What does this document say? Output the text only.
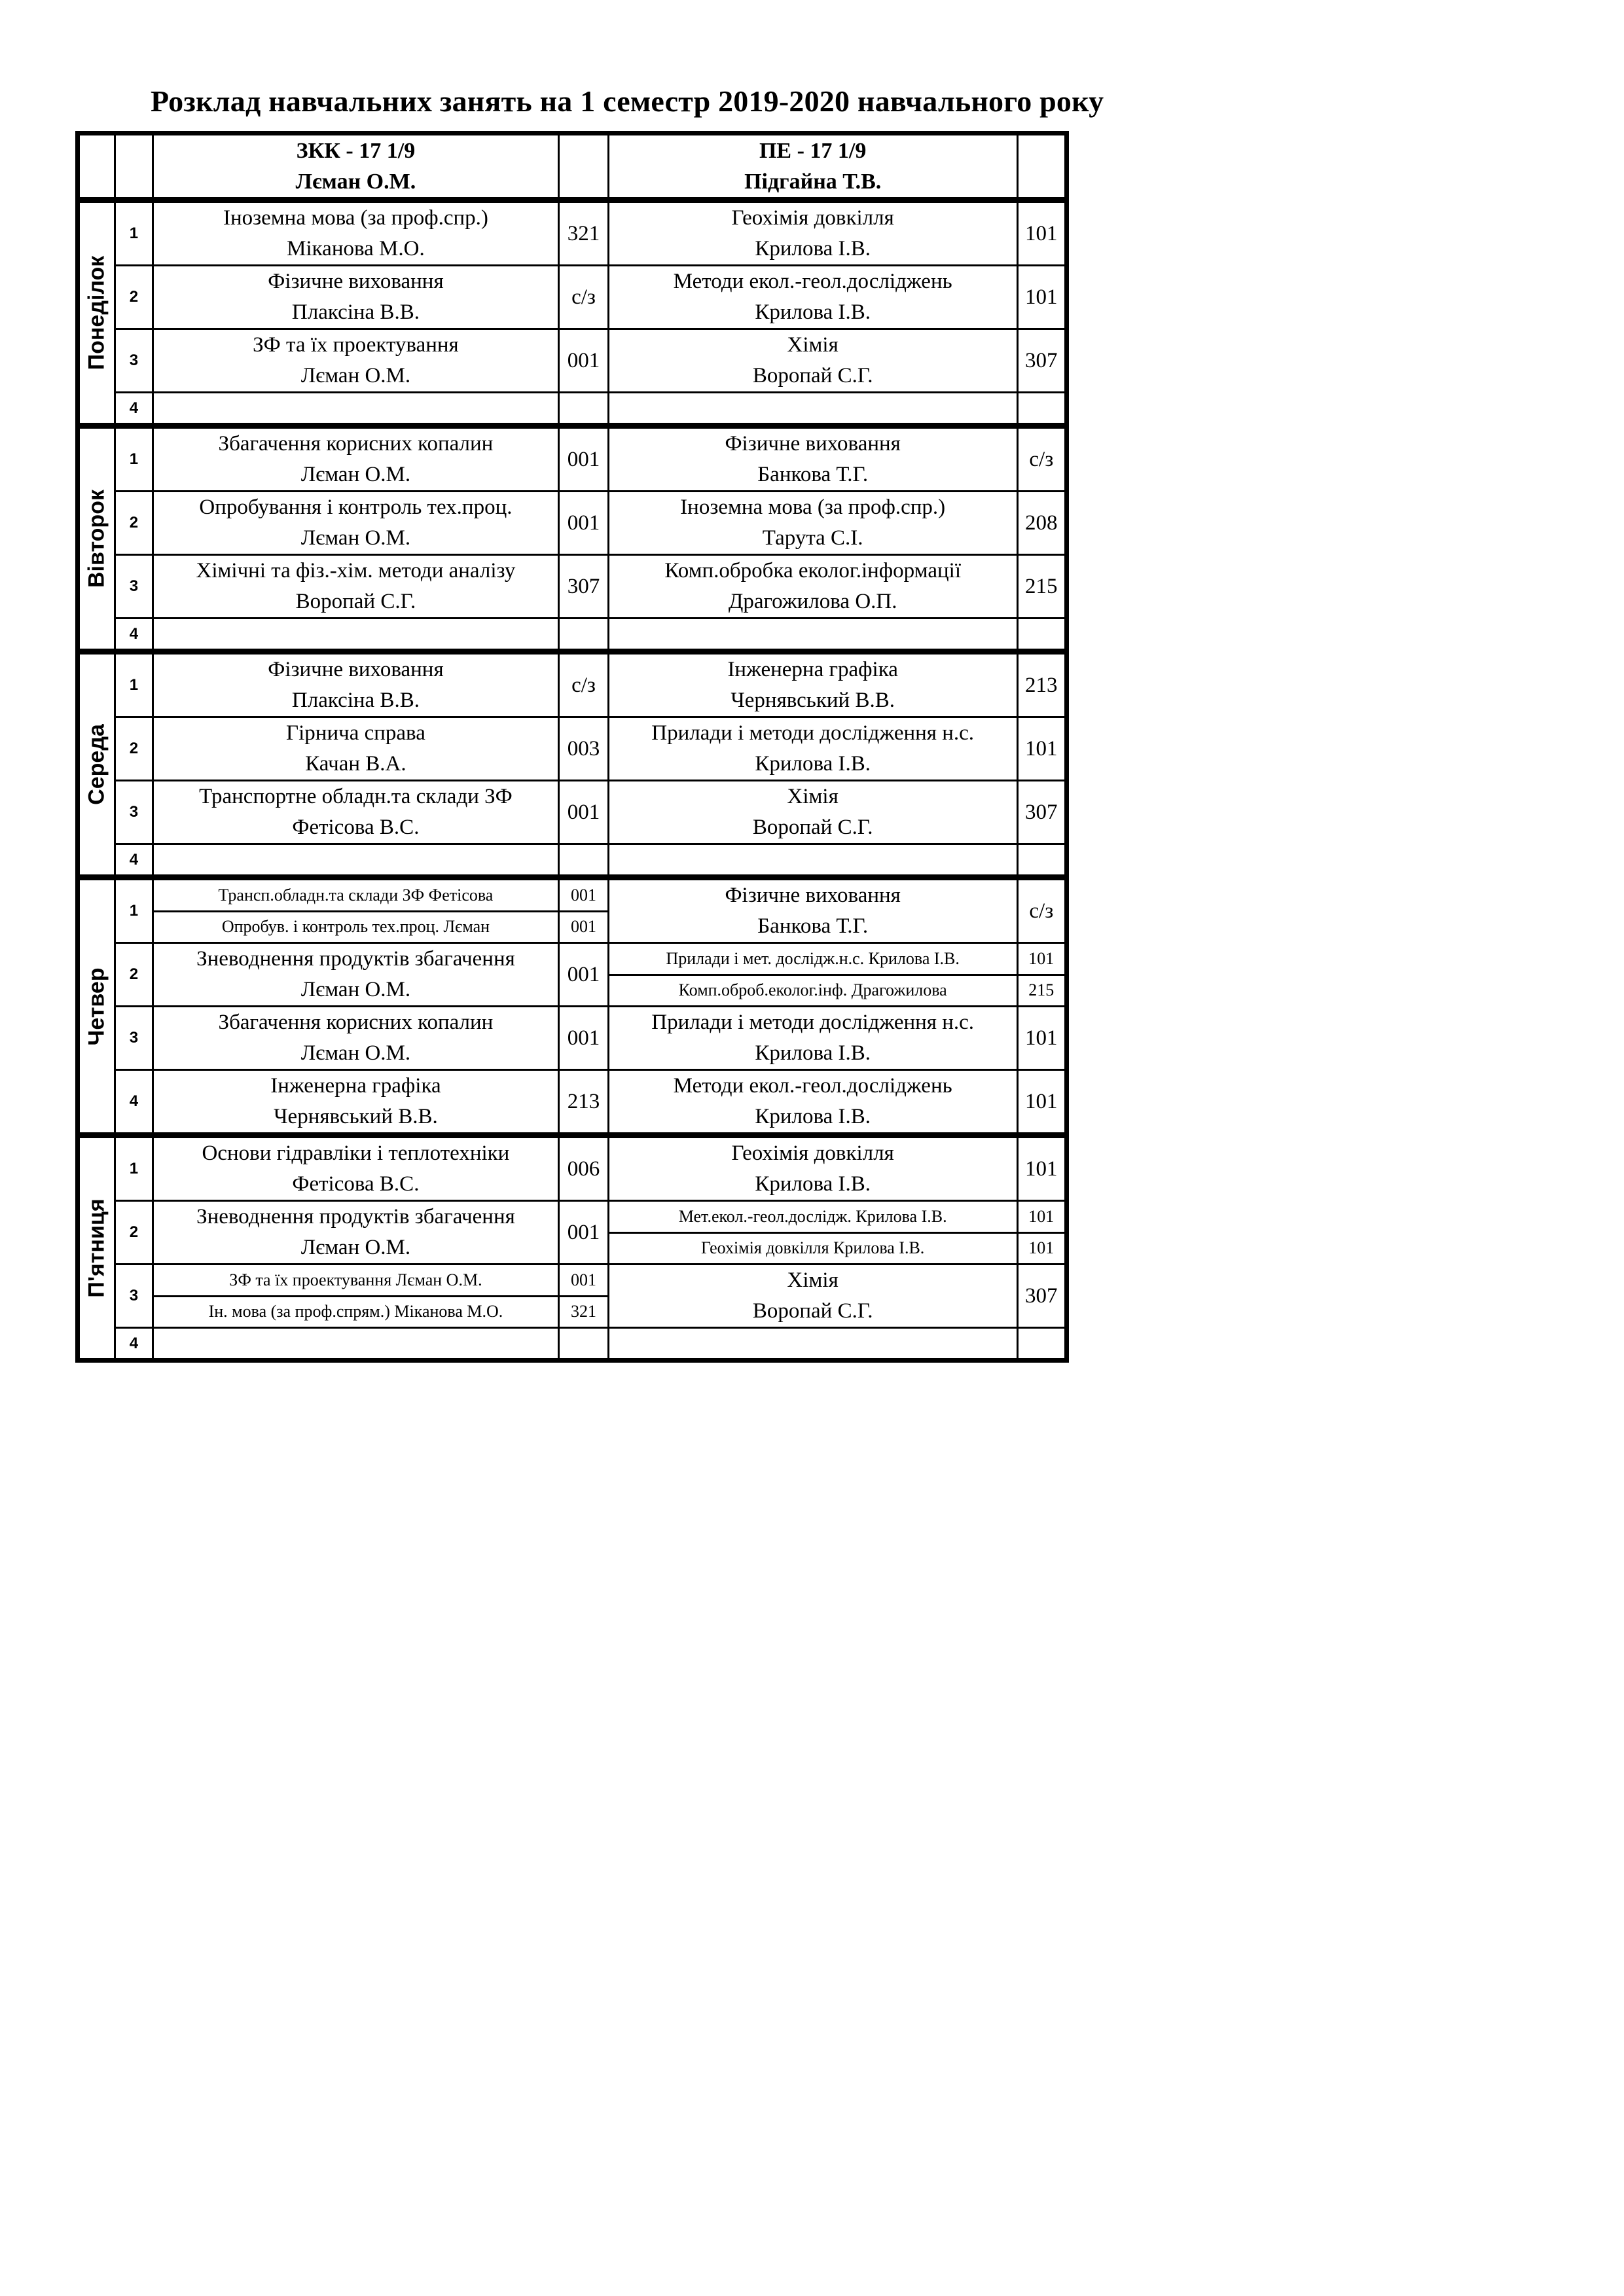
Розклад навчальних занять на 1 семестр 2019-2020 навчального року

		ЗКК - 17 1/9
Лєман О.М.		ПЕ - 17 1/9
Підгайна Т.В.	

Понеділок	1	Іноземна мова (за проф.спр.)
Міканова М.О.	321	Геохімія довкілля
Крилова І.В.	101

	2	Фізичне виховання
Плаксіна В.В.	с/з	Методи екол.-геол.досліджень
Крилова І.В.	101

	3	ЗФ та їх проектування
Лєман О.М.	001	Хімія
Воропай С.Г.	307

	4				

Вівторок	1	Збагачення корисних копалин
Лєман О.М.	001	Фізичне виховання
Банкова Т.Г.	с/з

	2	Опробування і контроль тех.проц.
Лєман О.М.	001	Іноземна мова (за проф.спр.)
Тарута С.І.	208

	3	Хімічні та фіз.-хім. методи аналізу
Воропай С.Г.	307	Комп.обробка еколог.інформації
Драгожилова О.П.	215

	4				

Середа	1	Фізичне виховання
Плаксіна В.В.	с/з	Інженерна графіка
Чернявський В.В.	213

	2	Гірнича справа
Качан В.А.	003	Прилади і методи дослідження н.с.
Крилова І.В.	101

	3	Транспортне обладн.та склади ЗФ
Фетісова В.С.	001	Хімія
Воропай С.Г.	307

	4				

Четвер	1	Трансп.обладн.та склади ЗФ Фетісова	001	Фізичне виховання
Банкова Т.Г.	с/з
		Опробув. і контроль тех.проц. Лєман	001		
	2	Зневоднення продуктів збагачення
Лєман О.М.	001	Прилади і мет. дослідж.н.с. Крилова І.В.	101
				Комп.оброб.еколог.інф. Драгожилова	215
	3	Збагачення корисних копалин
Лєман О.М.	001	Прилади і методи дослідження н.с.
Крилова І.В.	101

	4	Інженерна графіка
Чернявський В.В.	213	Методи екол.-геол.досліджень
Крилова І.В.	101

П'ятниця	1	Основи гідравліки і теплотехніки
Фетісова В.С.	006	Геохімія довкілля
Крилова І.В.	101

	2	Зневоднення продуктів збагачення
Лєман О.М.	001	Мет.екол.-геол.дослідж. Крилова І.В.	101
				Геохімія довкілля Крилова І.В.	101
	3	ЗФ та їх проектування Лєман О.М.	001	Хімія
Воропай С.Г.	307
		Ін. мова (за проф.спрям.) Міканова М.О.	321		
	4				
